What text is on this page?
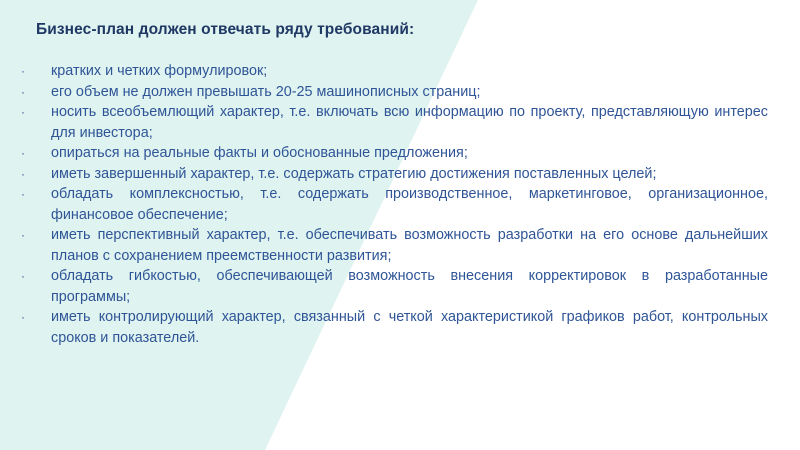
Бизнес-план должен отвечать ряду требований:
· кратких и четких формулировок;
· его объем не должен превышать 20-25 машинописных страниц;
· носить всеобъемлющий характер, т.е. включать всю информацию по проекту, представляющую интерес для инвестора;
· опираться на реальные факты и обоснованные предложения;
· иметь завершенный характер, т.е. содержать стратегию достижения поставленных целей;
· обладать комплексностью, т.е. содержать производственное, маркетинговое, организационное, финансовое обеспечение;
· иметь перспективный характер, т.е. обеспечивать возможность разработки на его основе дальнейших планов с сохранением преемственности развития;
· обладать гибкостью, обеспечивающей возможность внесения корректировок в разработанные программы;
· иметь контролирующий характер, связанный с четкой характеристикой графиков работ, контрольных сроков и показателей.
